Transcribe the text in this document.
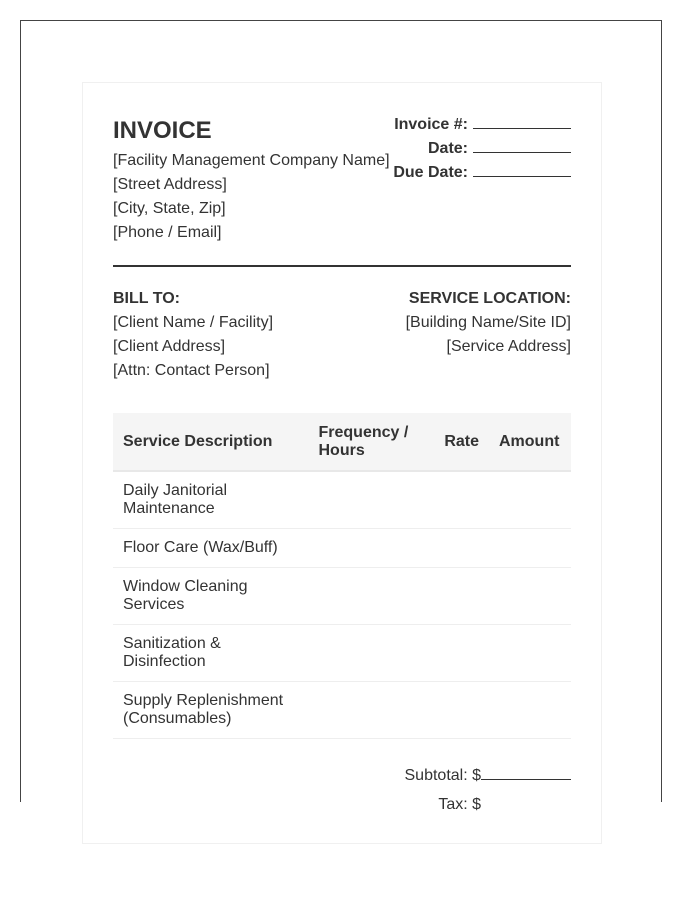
INVOICE
[Facility Management Company Name]
[Street Address]
[City, State, Zip]
[Phone / Email]
Invoice #:
Date:
Due Date:
BILL TO:
[Client Name / Facility]
[Client Address]
[Attn: Contact Person]
SERVICE LOCATION:
[Building Name/Site ID]
[Service Address]
Service Description	Frequency / Hours	Rate	Amount
Daily Janitorial Maintenance			
Floor Care (Wax/Buff)			
Window Cleaning Services			
Sanitization & Disinfection			
Supply Replenishment (Consumables)			
Subtotal: $
Tax: $
